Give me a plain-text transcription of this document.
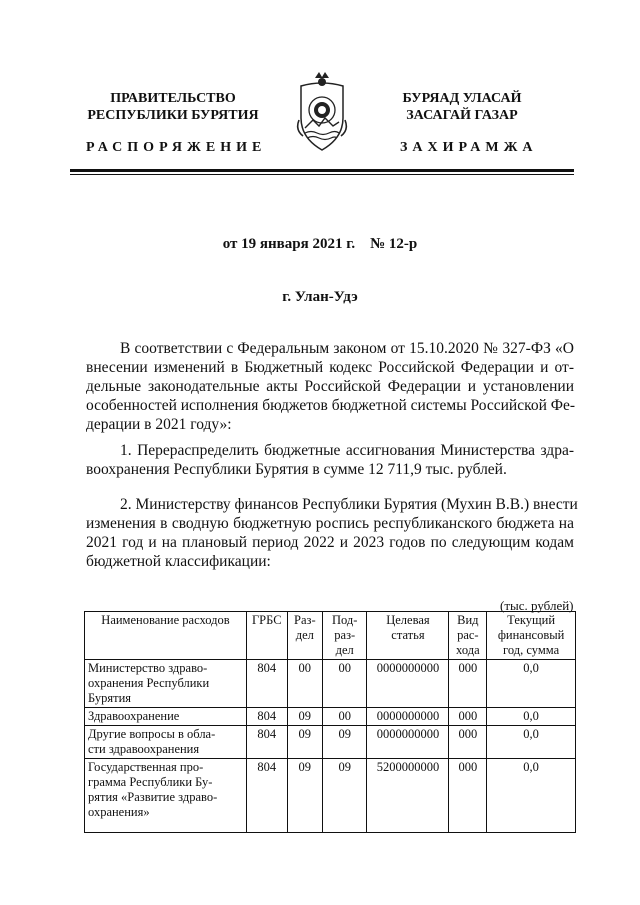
ПРАВИТЕЛЬСТВО
РЕСПУБЛИКИ БУРЯТИЯ
БУРЯАД УЛАСАЙ
ЗАСАГАЙ ГАЗАР
РАСПОРЯЖЕНИЕ	ЗАХИРАМЖА
от 19 января 2021 г.    № 12-р
г. Улан-Удэ
В соответствии с Федеральным законом от 15.10.2020 № 327-ФЗ «О
внесении изменений в Бюджетный кодекс Российской Федерации и от-
дельные законодательные акты Российской Федерации и установлении
особенностей исполнения бюджетов бюджетной системы Российской Фе-
дерации в 2021 году»:
1. Перераспределить бюджетные ассигнования Министерства здра-
воохранения Республики Бурятия в сумме 12 711,9 тыс. рублей.
2. Министерству финансов Республики Бурятия (Мухин В.В.) внести
изменения в сводную бюджетную роспись республиканского бюджета на
2021 год и на плановый период 2022 и 2023 годов по следующим кодам
бюджетной классификации:
(тыс. рублей)
Наименование расходов	ГРБС	Раз-
дел	Под-
раз-
дел	Целевая
статья	Вид
рас-
хода	Текущий
финансовый
год, сумма
Министерство здраво-
охранения Республики
Бурятия	804	00	00	0000000000	000	0,0
Здравоохранение	804	09	00	0000000000	000	0,0
Другие вопросы в обла-
сти здравоохранения	804	09	09	0000000000	000	0,0
Государственная про-
грамма Республики Бу-
рятия «Развитие здраво-
охранения»	804	09	09	5200000000	000	0,0
